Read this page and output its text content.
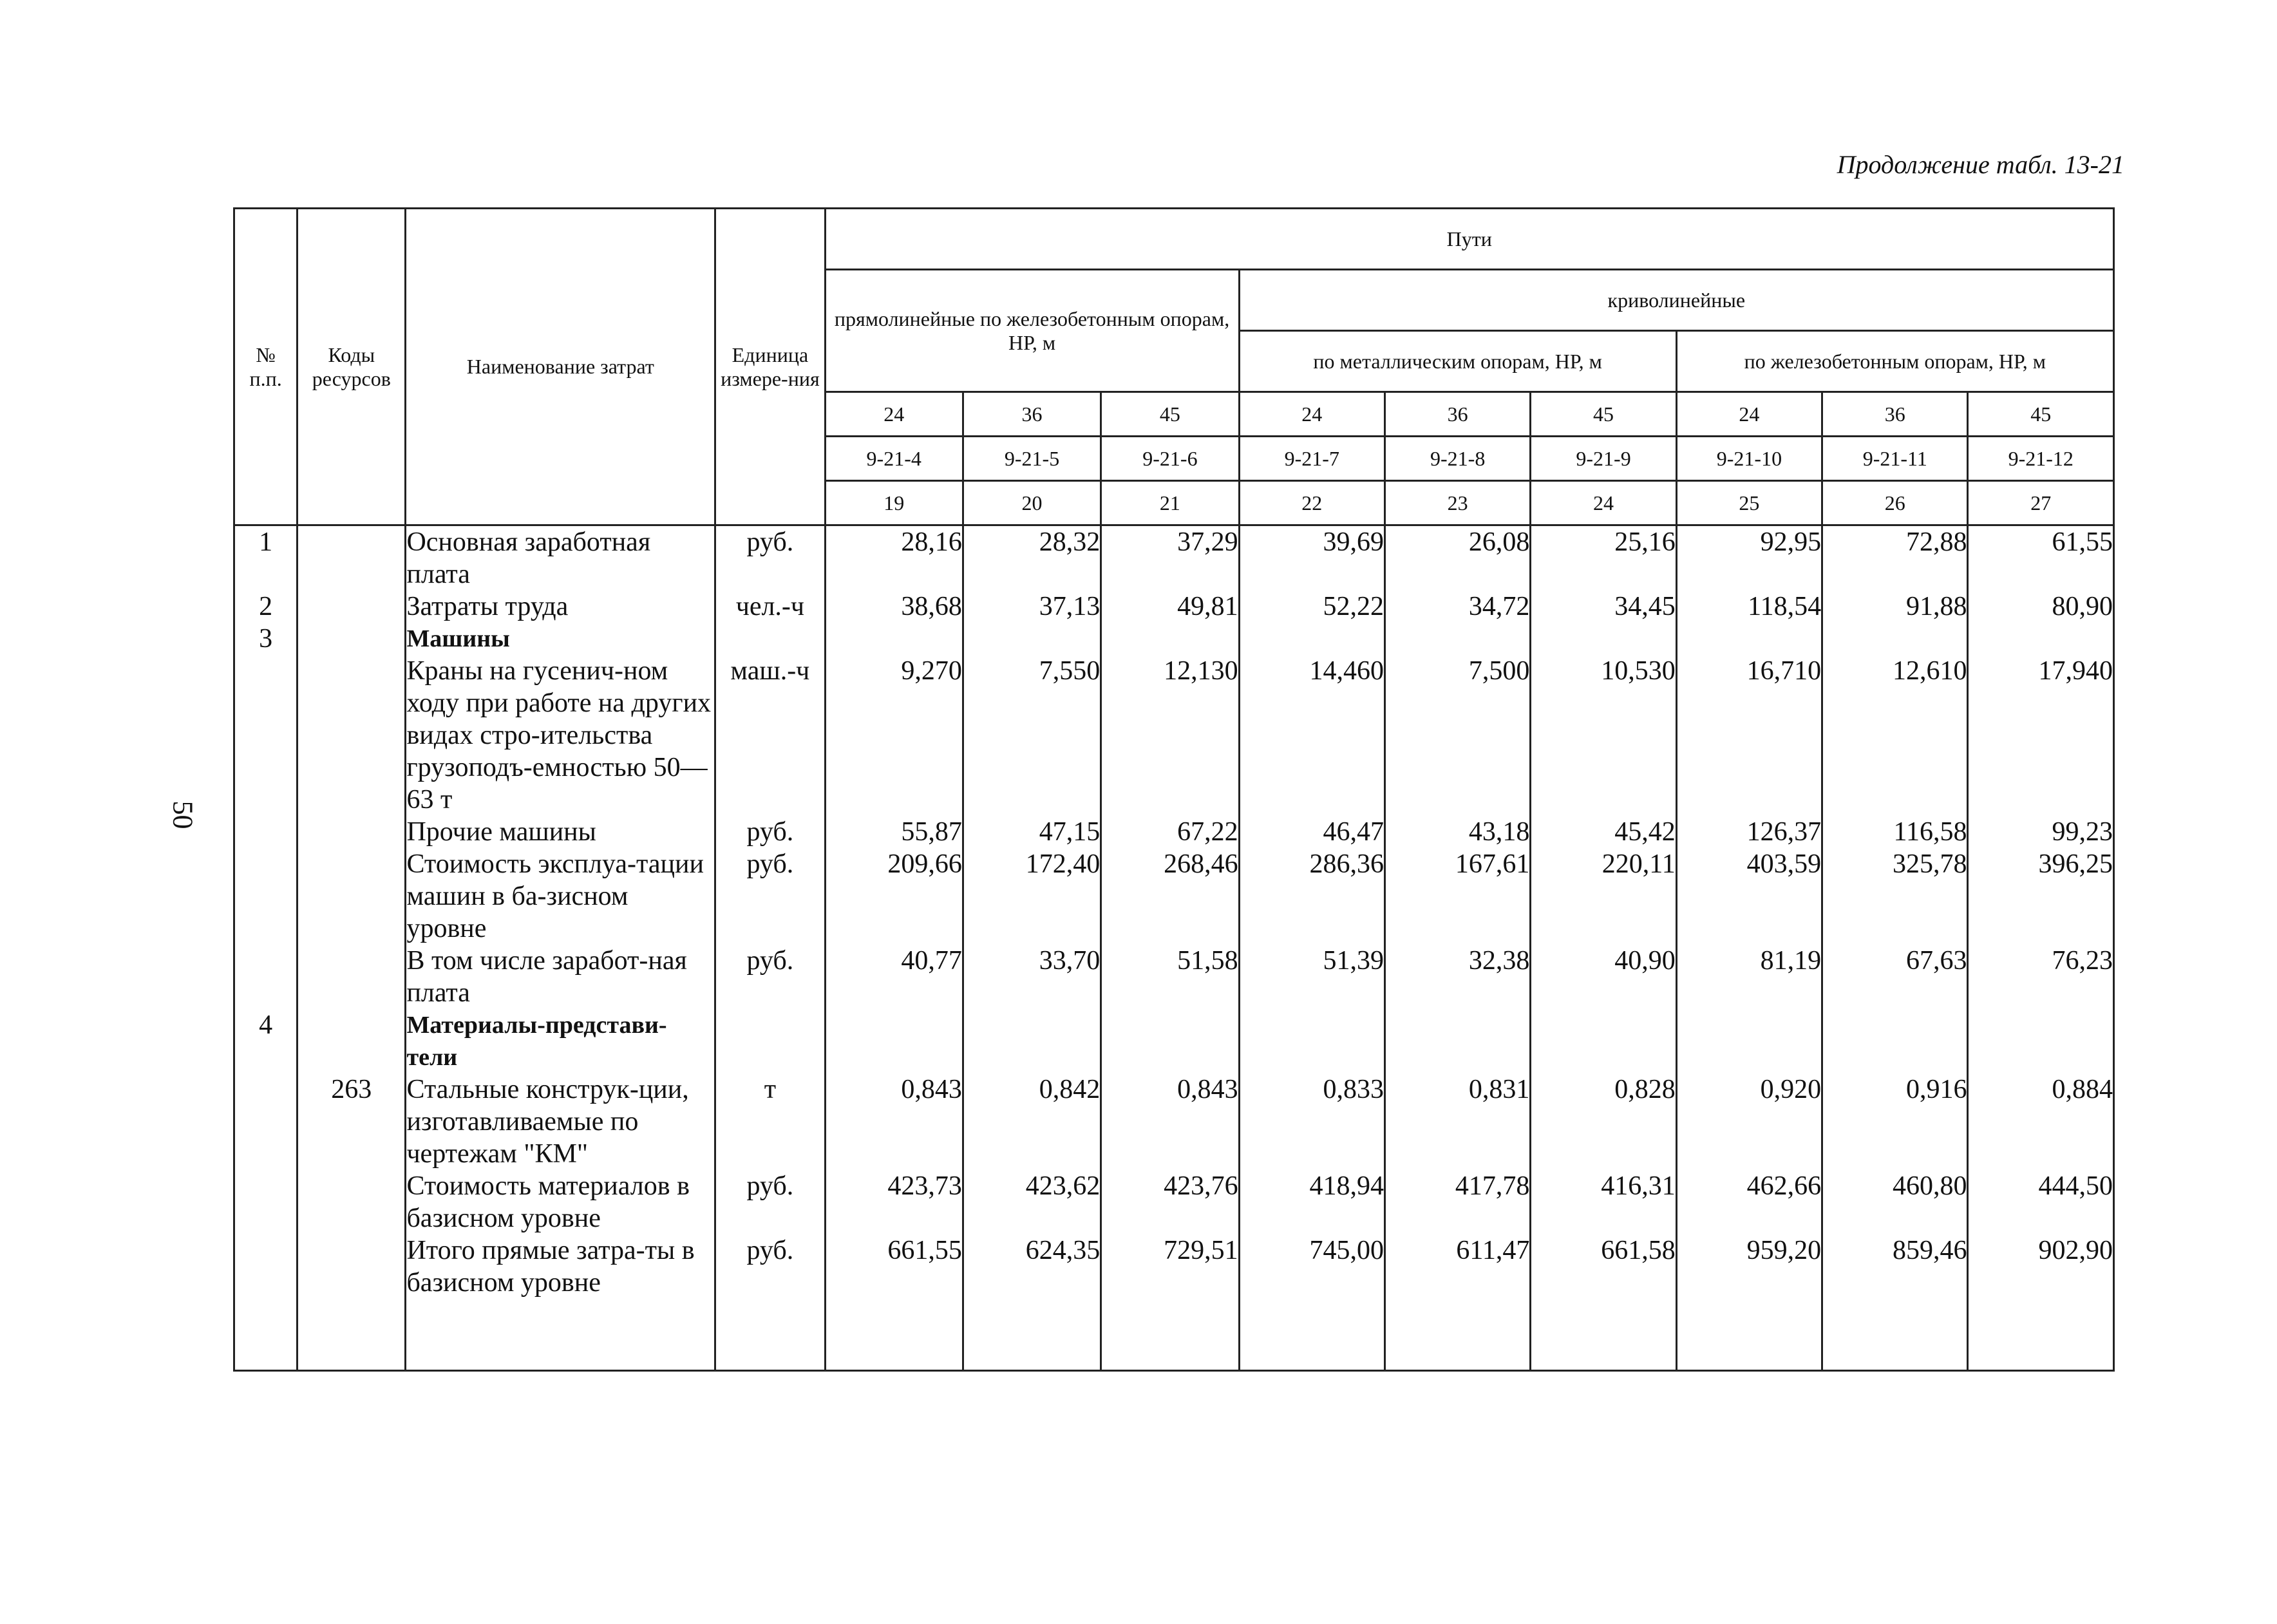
Продолжение табл. 13-21
50
№
п.п.	Коды ресурсов	Наименование затрат	Единица измере-ния	Пути								
				прямолинейные по железобетонным опорам, НР, м			криволинейные					
							по металлическим опорам, НР, м			по железобетонным опорам, НР, м		
				24	36	45	24	36	45	24	36	45
				9-21-4	9-21-5	9-21-6	9-21-7	9-21-8	9-21-9	9-21-10	9-21-11	9-21-12
				19	20	21	22	23	24	25	26	27
1		Основная заработная плата	руб.	28,16	28,32	37,29	39,69	26,08	25,16	92,95	72,88	61,55
2		Затраты труда	чел.-ч	38,68	37,13	49,81	52,22	34,72	34,45	118,54	91,88	80,90
3		Машины										
		Краны на гусенич-ном ходу при работе на других видах стро-ительства грузоподъ-емностью 50—63 т	маш.-ч	9,270	7,550	12,130	14,460	7,500	10,530	16,710	12,610	17,940
		Прочие машины	руб.	55,87	47,15	67,22	46,47	43,18	45,42	126,37	116,58	99,23
		Стоимость эксплуа-тации машин в ба-зисном уровне	руб.	209,66	172,40	268,46	286,36	167,61	220,11	403,59	325,78	396,25
		В том числе заработ-ная плата	руб.	40,77	33,70	51,58	51,39	32,38	40,90	81,19	67,63	76,23
4		Материалы-представи-тели										
	263	Стальные конструк-ции, изготавливаемые по чертежам "КМ"	т	0,843	0,842	0,843	0,833	0,831	0,828	0,920	0,916	0,884
		Стоимость материалов в базисном уровне	руб.	423,73	423,62	423,76	418,94	417,78	416,31	462,66	460,80	444,50
		Итого прямые затра-ты в базисном уровне	руб.	661,55	624,35	729,51	745,00	611,47	661,58	959,20	859,46	902,90
